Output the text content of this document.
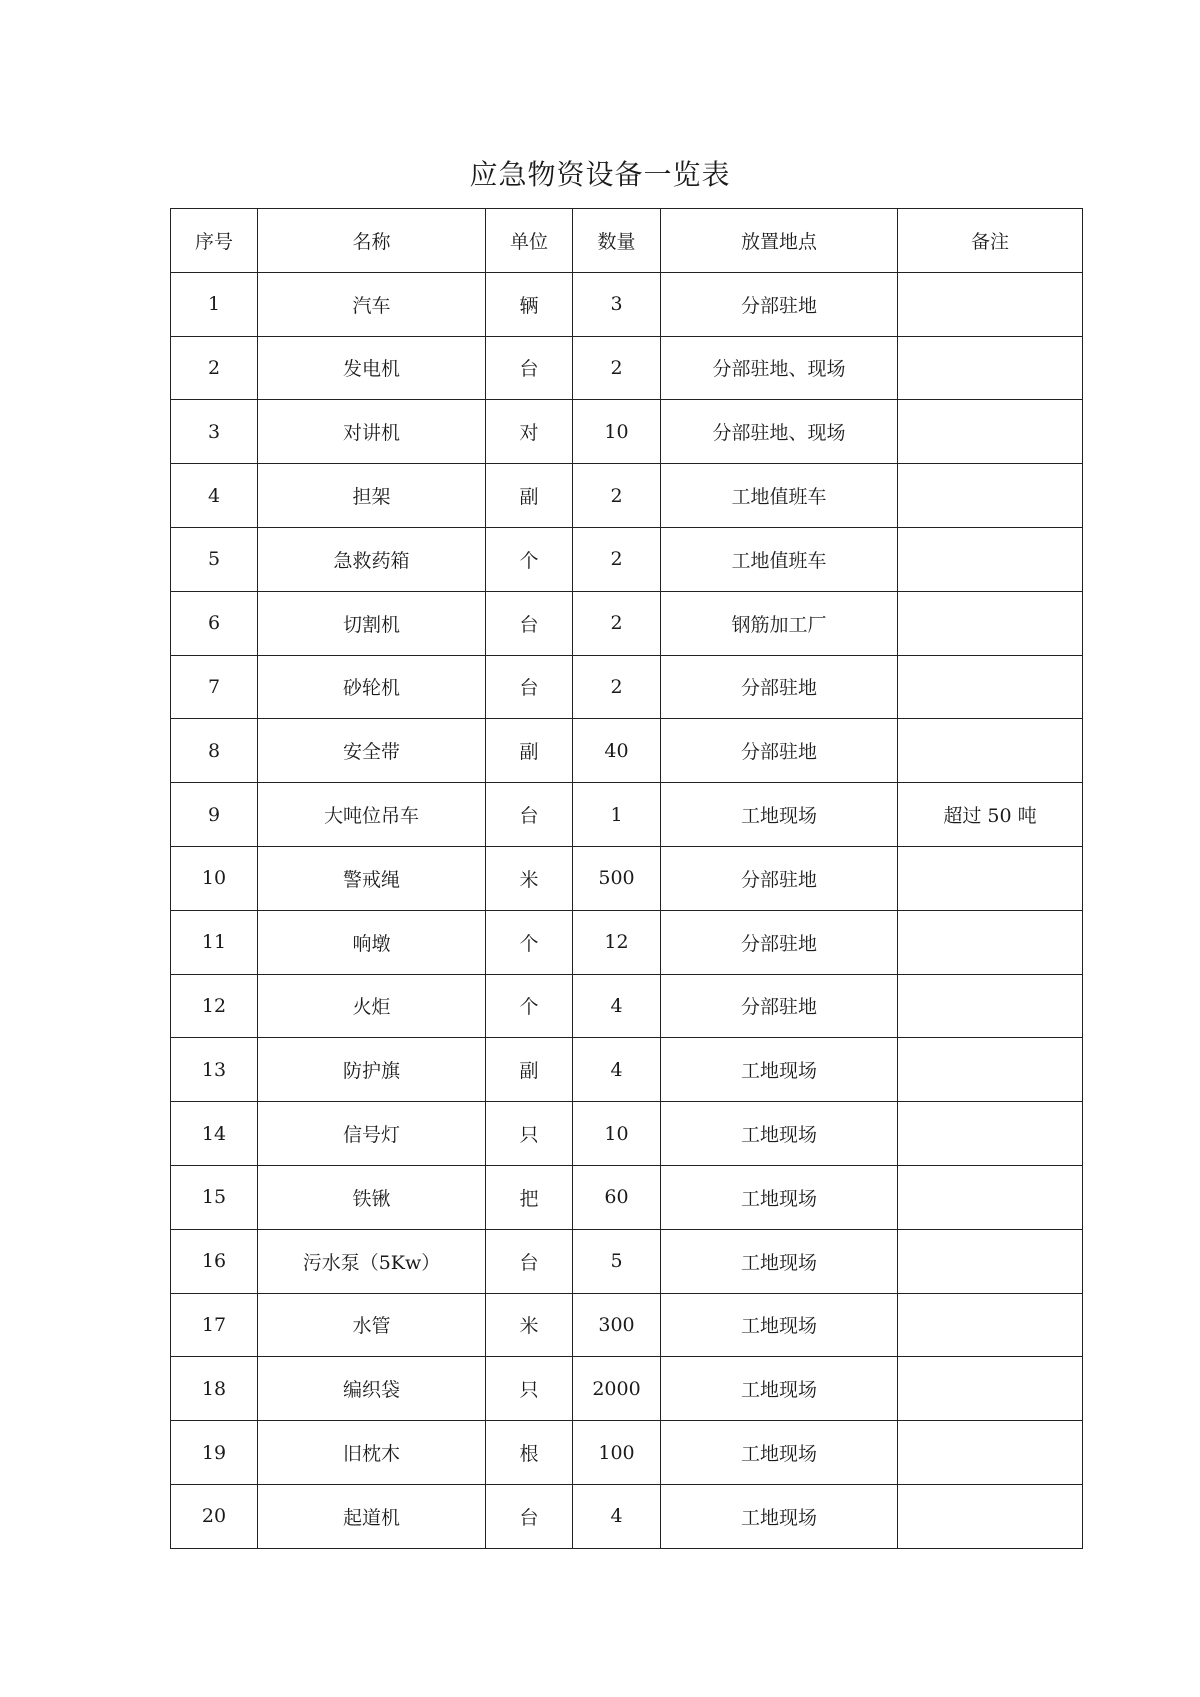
应急物资设备一览表
序号	名称	单位	数量	放置地点	备注
1	汽车	辆	3	分部驻地	
2	发电机	台	2	分部驻地、现场	
3	对讲机	对	10	分部驻地、现场	
4	担架	副	2	工地值班车	
5	急救药箱	个	2	工地值班车	
6	切割机	台	2	钢筋加工厂	
7	砂轮机	台	2	分部驻地	
8	安全带	副	40	分部驻地	
9	大吨位吊车	台	1	工地现场	超过 50 吨
10	警戒绳	米	500	分部驻地	
11	响墩	个	12	分部驻地	
12	火炬	个	4	分部驻地	
13	防护旗	副	4	工地现场	
14	信号灯	只	10	工地现场	
15	铁锹	把	60	工地现场	
16	污水泵（5Kw）	台	5	工地现场	
17	水管	米	300	工地现场	
18	编织袋	只	2000	工地现场	
19	旧枕木	根	100	工地现场	
20	起道机	台	4	工地现场	
